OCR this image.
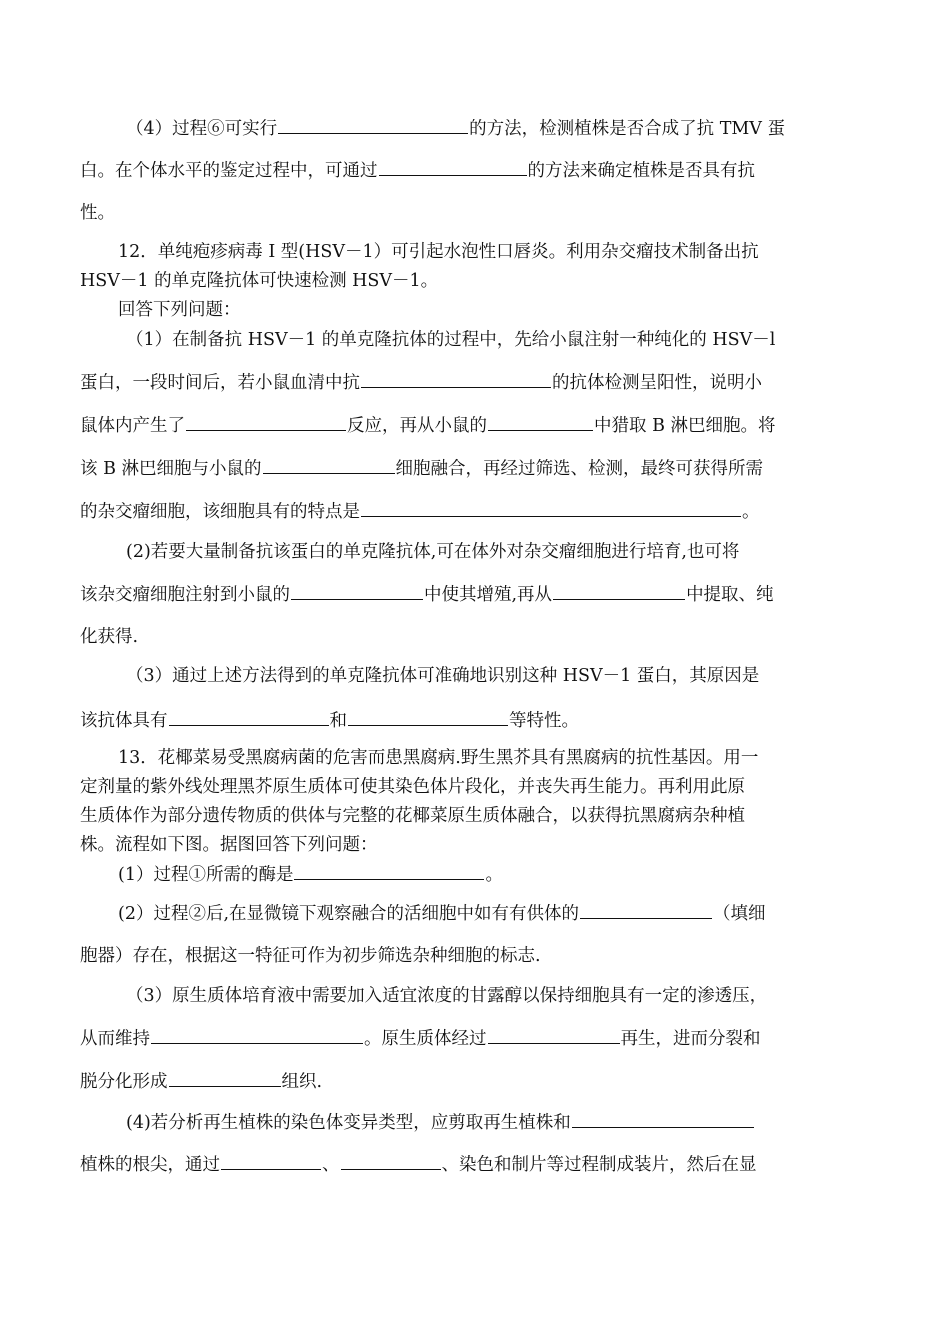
（4）过程⑥可实行	的方法，检测植株是否合成了抗 TMV 蛋
白。在个体水平的鉴定过程中，可通过	的方法来确定植株是否具有抗
性。
12．单纯疱疹病毒 I 型(HSV－1）可引起水泡性口唇炎。利用杂交瘤技术制备出抗
HSV－1 的单克隆抗体可快速检测 HSV－1。
回答下列问题：
（1）在制备抗 HSV－1 的单克隆抗体的过程中，先给小鼠注射一种纯化的 HSV－l
蛋白，一段时间后，若小鼠血清中抗	的抗体检测呈阳性，说明小
鼠体内产生了	反应，再从小鼠的	中猎取 B 淋巴细胞。将
该 B 淋巴细胞与小鼠的	细胞融合，再经过筛选、检测，最终可获得所需
的杂交瘤细胞，该细胞具有的特点是	。
(2)若要大量制备抗该蛋白的单克隆抗体,可在体外对杂交瘤细胞进行培育,也可将
该杂交瘤细胞注射到小鼠的	中使其增殖,再从	中提取、纯
化获得.
（3）通过上述方法得到的单克隆抗体可准确地识别这种 HSV－1 蛋白，其原因是
该抗体具有	和	等特性。
13．花椰菜易受黑腐病菌的危害而患黑腐病.野生黑芥具有黑腐病的抗性基因。用一
定剂量的紫外线处理黑芥原生质体可使其染色体片段化，并丧失再生能力。再利用此原
生质体作为部分遗传物质的供体与完整的花椰菜原生质体融合，以获得抗黑腐病杂种植
株。流程如下图。据图回答下列问题：
(1）过程①所需的酶是	。
(2）过程②后,在显微镜下观察融合的活细胞中如有有供体的	（填细
胞器）存在，根据这一特征可作为初步筛选杂种细胞的标志.
（3）原生质体培育液中需要加入适宜浓度的甘露醇以保持细胞具有一定的渗透压，
从而维持	。原生质体经过	再生，进而分裂和
脱分化形成	组织.
(4)若分析再生植株的染色体变异类型，应剪取再生植株和
植株的根尖，通过	、	、染色和制片等过程制成装片，然后在显
